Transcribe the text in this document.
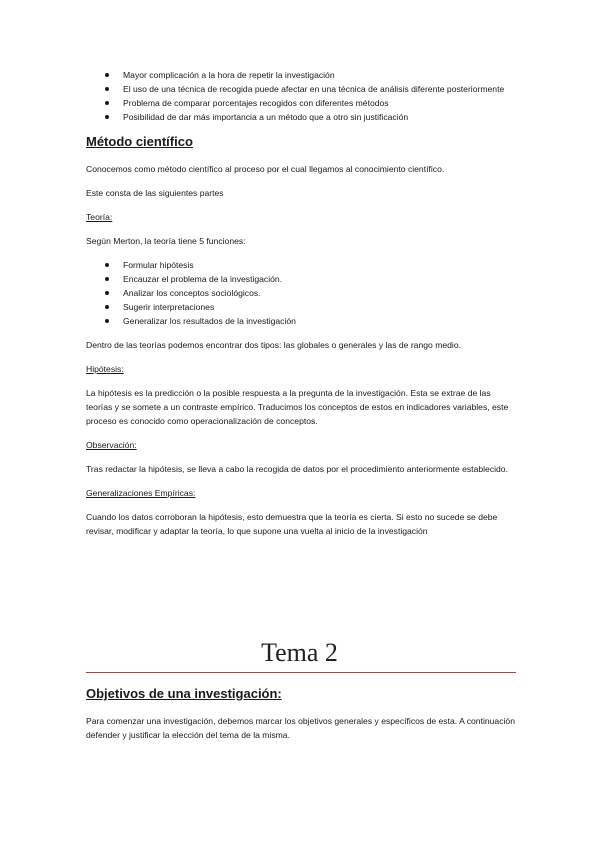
Mayor complicación a la hora de repetir la investigación
El uso de una técnica de recogida puede afectar en una técnica de análisis diferente posteriormente
Problema de comparar porcentajes recogidos con diferentes métodos
Posibilidad de dar más importancia a un método que a otro sin justificación
Método científico

Conocemos como método científico al proceso por el cual llegamos al conocimiento científico.

Este consta de las siguientes partes

Teoría:

Según Merton, la teoría tiene 5 funciones:

Formular hipótesis
Encauzar el problema de la investigación.
Analizar los conceptos sociológicos.
Sugerir interpretaciones
Generalizar los resultados de la investigación

Dentro de las teorías podemos encontrar dos tipos: las globales o generales y las de rango medio.

Hipótesis:

La hipótesis es la predicción o la posible respuesta a la pregunta de la investigación. Esta se extrae de las teorías y se somete a un contraste empírico. Traducimos los conceptos de estos en indicadores variables, este proceso es conocido como operacionalización de conceptos.

Observación:

Tras redactar la hipótesis, se lleva a cabo la recogida de datos por el procedimiento anteriormente establecido.

Generalizaciones Empíricas:

Cuando los datos corroboran la hipótesis, esto demuestra que la teoría es cierta. Si esto no sucede se debe revisar, modificar y adaptar la teoría, lo que supone una vuelta al inicio de la investigación

Tema 2
Objetivos de una investigación:

Para comenzar una investigación, debemos marcar los objetivos generales y específicos de esta. A continuación defender y justificar la elección del tema de la misma.
